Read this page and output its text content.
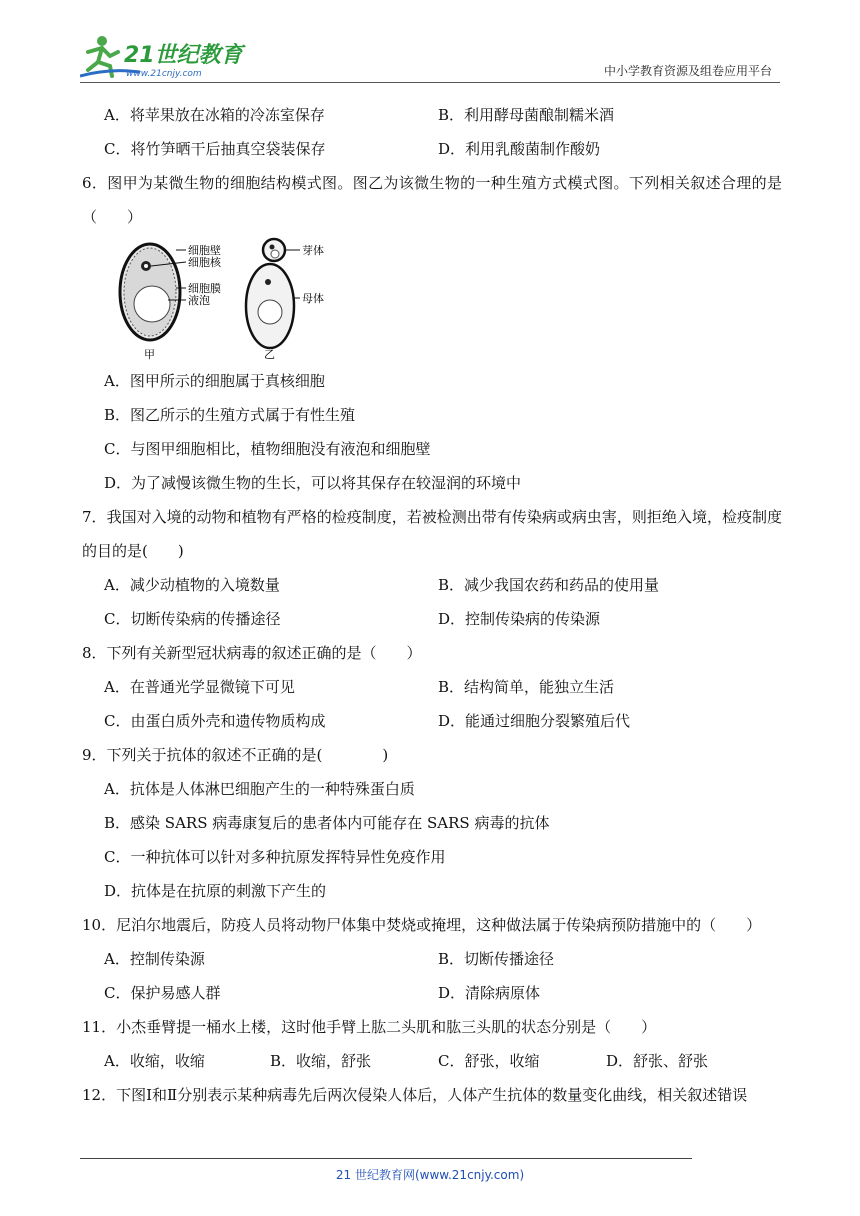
21世纪教育
www.21cnjy.com	中小学教育资源及组卷应用平台
A．将苹果放在冰箱的冷冻室保存	B．利用酵母菌酿制糯米酒
C．将竹笋晒干后抽真空袋装保存	D．利用乳酸菌制作酸奶
6．图甲为某微生物的细胞结构模式图。图乙为该微生物的一种生殖方式模式图。下列相关叙述合理的是（　　）
细胞壁
细胞核
细胞膜
液泡
甲
芽体
母体
乙
A．图甲所示的细胞属于真核细胞
B．图乙所示的生殖方式属于有性生殖
C．与图甲细胞相比，植物细胞没有液泡和细胞壁
D．为了减慢该微生物的生长，可以将其保存在较湿润的环境中
7．我国对入境的动物和植物有严格的检疫制度，若被检测出带有传染病或病虫害，则拒绝入境，检疫制度的目的是(　　)
A．减少动植物的入境数量	B．减少我国农药和药品的使用量
C．切断传染病的传播途径	D．控制传染病的传染源
8．下列有关新型冠状病毒的叙述正确的是（　　）
A．在普通光学显微镜下可见	B．结构简单，能独立生活
C．由蛋白质外壳和遗传物质构成	D．能通过细胞分裂繁殖后代
9．下列关于抗体的叙述不正确的是(　　　　)
A．抗体是人体淋巴细胞产生的一种特殊蛋白质
B．感染 SARS 病毒康复后的患者体内可能存在 SARS 病毒的抗体
C．一种抗体可以针对多种抗原发挥特异性免疫作用
D．抗体是在抗原的刺激下产生的
10．尼泊尔地震后，防疫人员将动物尸体集中焚烧或掩埋，这种做法属于传染病预防措施中的（　　）
A．控制传染源	B．切断传播途径
C．保护易感人群	D．清除病原体
11．小杰垂臂提一桶水上楼，这时他手臂上肱二头肌和肱三头肌的状态分别是（　　）
A．收缩，收缩	B．收缩，舒张	C．舒张，收缩	D．舒张、舒张
12．下图Ⅰ和Ⅱ分别表示某种病毒先后两次侵染人体后，人体产生抗体的数量变化曲线，相关叙述错误
21 世纪教育网(www.21cnjy.com)
